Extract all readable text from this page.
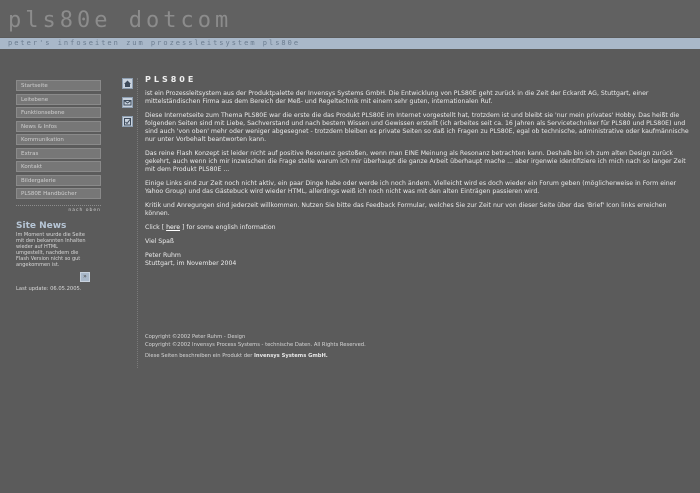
pls80e dotcom
peter's infoseiten zum prozessleitsystem pls80e
Startseite
Leitebene
Funktionsebene
News & Infos
Kommunikation
Extras
Kontakt
Bildergalerie
PLS80E Handbücher
nach oben
Site News
Im Moment wurde die Seite mit den bekannten Inhalten wieder auf HTML umgestellt, nachdem die Flash Version nicht so gut angekommen ist.
»
Last update: 06.05.2005.
PLS80E

ist ein Prozessleitsystem aus der Produktpalette der Invensys Systems GmbH. Die Entwicklung von PLS80E geht zurück in die Zeit der Eckardt AG, Stuttgart, einer mittelständischen Firma aus dem Bereich der Meß- und Regeltechnik mit einem sehr guten, internationalen Ruf.

Diese Internetseite zum Thema PLS80E war die erste die das Produkt PLS80E im Internet vorgestellt hat, trotzdem ist und bleibt sie 'nur mein privates' Hobby. Das heißt die folgenden Seiten sind mit Liebe, Sachverstand und nach bestem Wissen und Gewissen erstellt (ich arbeites seit ca. 16 Jahren als Servicetechniker für PLS80 und PLS80E) und sind auch 'von oben' mehr oder weniger abgesegnet - trotzdem bleiben es private Seiten so daß ich Fragen zu PLS80E, egal ob technische, administrative oder kaufmännische nur unter Vorbehalt beantworten kann.

Das reine Flash Konzept ist leider nicht auf positive Resonanz gestoßen, wenn man EINE Meinung als Resonanz betrachten kann. Deshalb bin ich zum alten Design zurück gekehrt, auch wenn ich mir inzwischen die Frage stelle warum ich mir überhaupt die ganze Arbeit überhaupt mache ... aber irgenwie identifiziere ich mich nach so langer Zeit mit dem Produkt PLS80E ...

Einige Links sind zur Zeit noch nicht aktiv, ein paar Dinge habe oder werde ich noch ändern. Vielleicht wird es doch wieder ein Forum geben (möglicherweise in Form einer Yahoo Group) und das Gästebuck wird wieder HTML, allerdings weiß ich noch nicht was mit den alten Einträgen passieren wird.

Kritik und Anregungen sind jederzeit willkommen. Nutzen Sie bitte das Feedback Formular, welches Sie zur Zeit nur von dieser Seite über das 'Brief' Icon links erreichen können.

Click [ here ] for some english information

Viel Spaß

Peter Ruhm

Stuttgart, im November 2004

Copyright ©2002 Peter Ruhm - Design
Copyright ©2002 Invensys Process Systems - technische Daten. All Rights Reserved.
Diese Seiten beschreiben ein Produkt der Invensys Systems GmbH.
